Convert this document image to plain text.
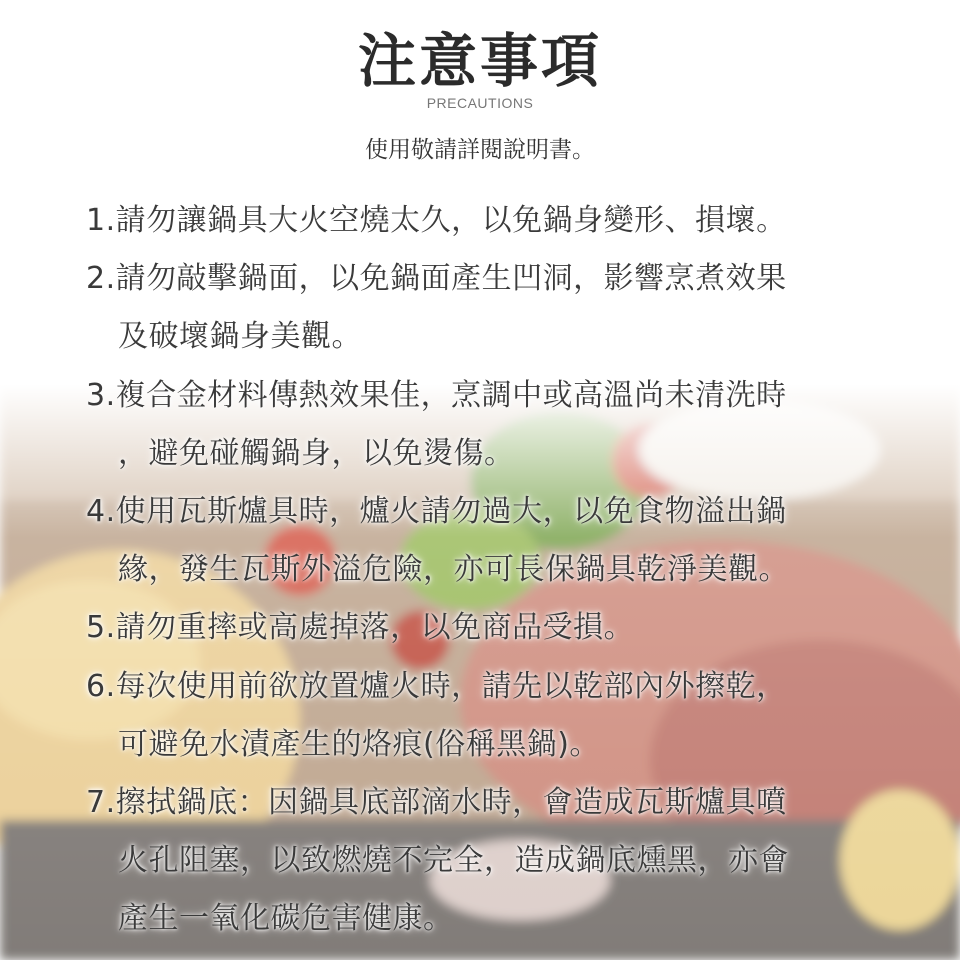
注意事項
PRECAUTIONS
使用敬請詳閱說明書。
1.請勿讓鍋具大火空燒太久，以免鍋身變形、損壞。
2.請勿敲擊鍋面，以免鍋面產生凹洞，影響烹煮效果
及破壞鍋身美觀。
3.複合金材料傳熱效果佳，烹調中或高溫尚未清洗時
，避免碰觸鍋身，以免燙傷。
4.使用瓦斯爐具時，爐火請勿過大，以免食物溢出鍋
緣，發生瓦斯外溢危險，亦可長保鍋具乾淨美觀。
5.請勿重摔或高處掉落，以免商品受損。
6.每次使用前欲放置爐火時，請先以乾部內外擦乾，
可避免水漬產生的烙痕(俗稱黑鍋)。
7.擦拭鍋底：因鍋具底部滴水時，會造成瓦斯爐具噴
火孔阻塞，以致燃燒不完全，造成鍋底燻黑，亦會
產生一氧化碳危害健康。
